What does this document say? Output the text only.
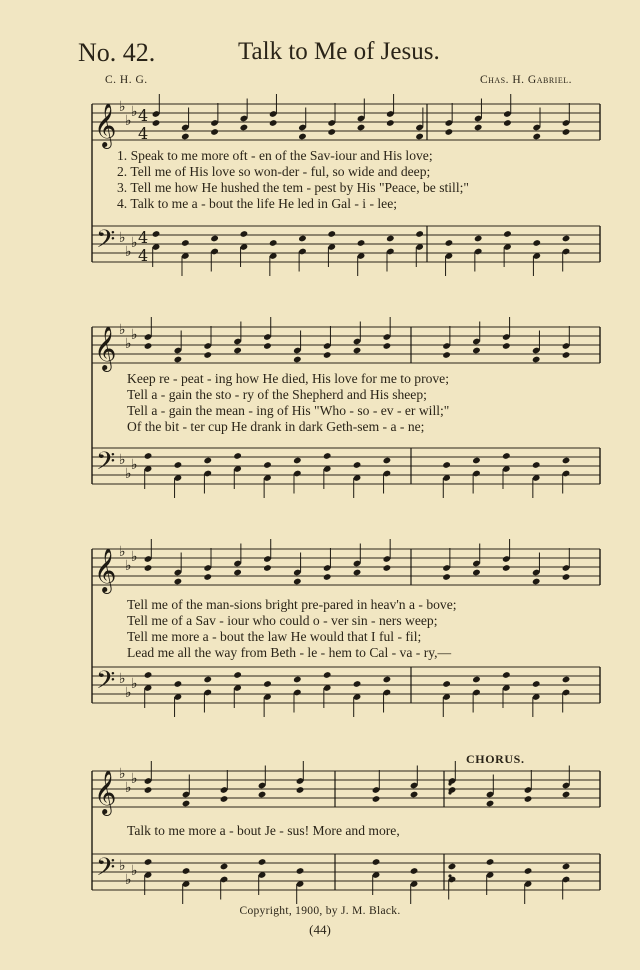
No. 42.	Talk to Me of Jesus.
C. H. G.	Chas. H. Gabriel.
𝄞
𝄢
♭
♭
♭
♭
♭
♭
4
4
4
4
𝄞
𝄢
♭
♭
♭
♭
♭
♭
𝄞
𝄢
♭
♭
♭
♭
♭
♭
𝄞
𝄢
♭
♭
♭
♭
♭
♭
1. Speak to me more oft - en of the Sav-iour and His love;
2. Tell me of His love so won-der - ful, so wide and deep;
3. Tell me how He hushed the tem - pest by His "Peace, be still;"
4. Talk to me a - bout the life He led in Gal - i - lee;
Keep re - peat - ing how He died, His love for me to prove;
Tell a - gain the sto - ry of the Shepherd and His sheep;
Tell a - gain the mean - ing of His "Who - so - ev - er will;"
Of the bit - ter cup He drank in dark Geth-sem - a - ne;
Tell me of the man-sions bright pre-pared in heav'n a - bove;
Tell me of a Sav - iour who could o - ver sin - ners weep;
Tell me more a - bout the law He would that I ful - fil;
Lead me all the way from Beth - le - hem to Cal - va - ry,—
Talk to me more a - bout Je - sus! More and more,
CHORUS.
Copyright, 1900, by J. M. Black.
(44)
